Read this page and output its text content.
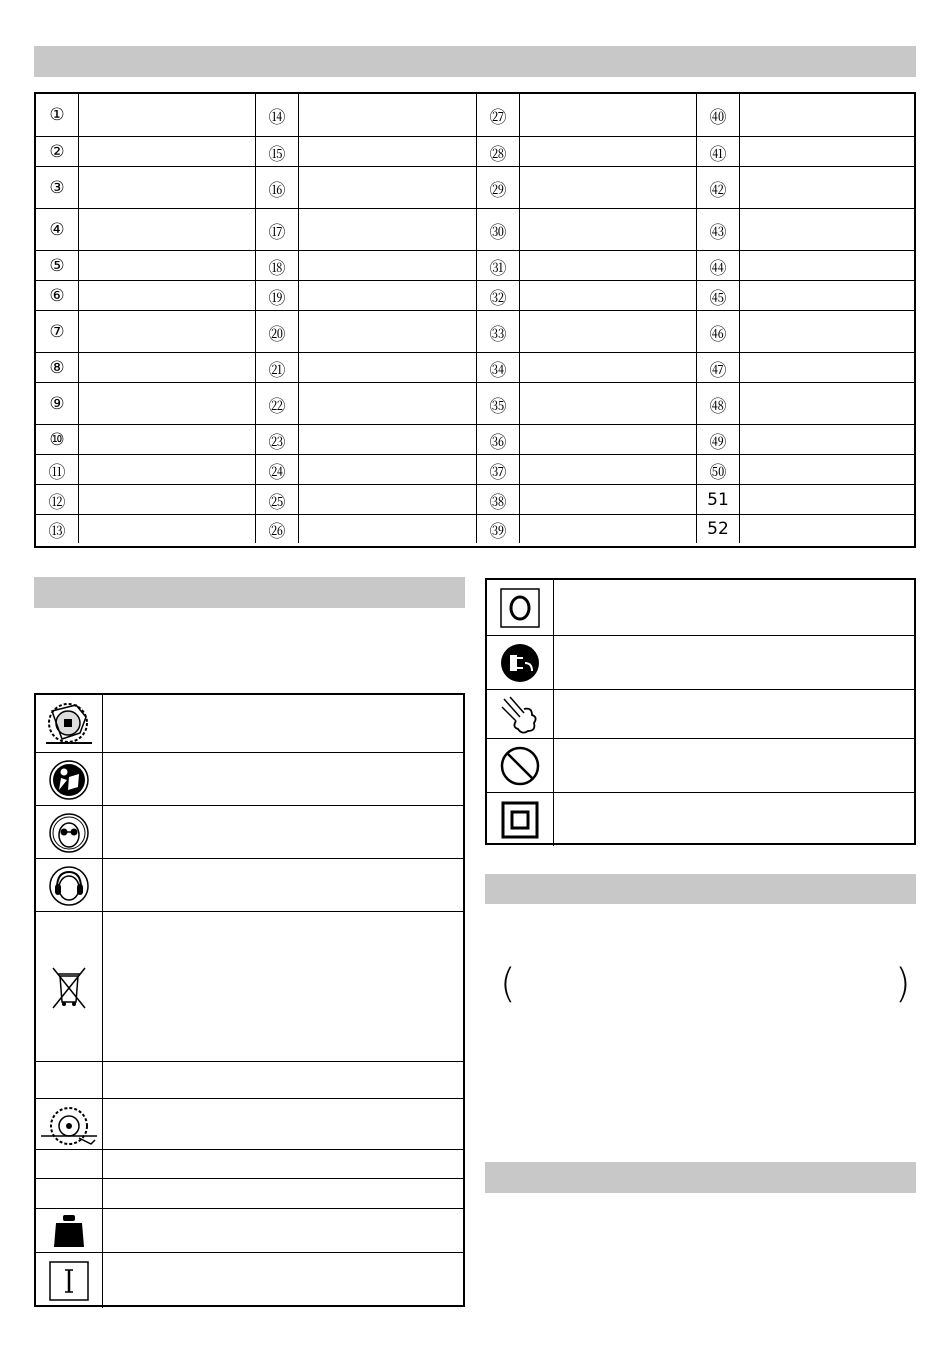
①	⑭	㉗	㊵
②	⑮	㉘	㊶
③	⑯	㉙	㊷
④	⑰	㉚	㊸
⑤	⑱	㉛	㊹
⑥	⑲	㉜	㊺
⑦	⑳	㉝	㊻
⑧	㉑	㉞	㊼
⑨	㉒	㉟	㊽
⑩	㉓	㊱	㊾
⑪	㉔	㊲	㊿
⑫	㉕	㊳	51
⑬	㉖	㊴	52
(	)
